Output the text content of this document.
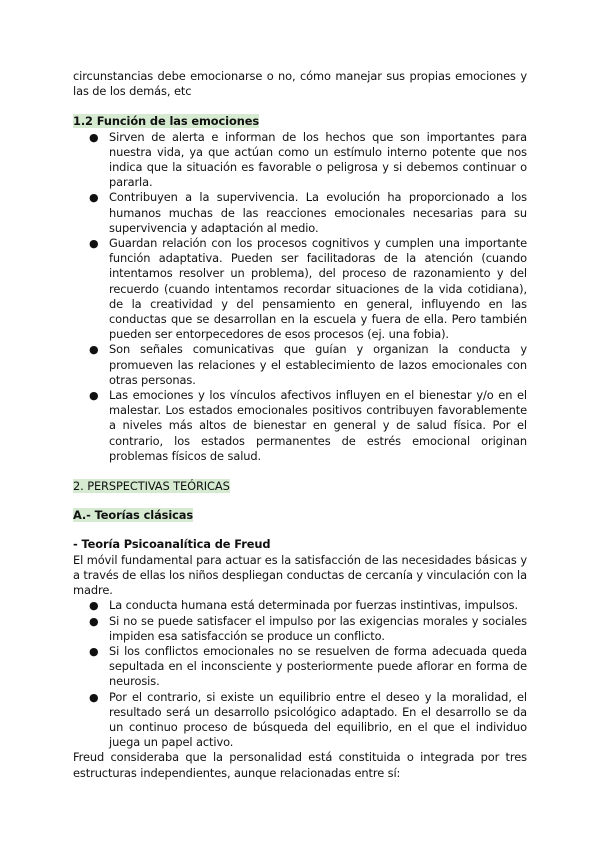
circunstancias debe emocionarse o no, cómo manejar sus propias emociones y las de los demás, etc

1.2 Función de las emociones

● Sirven de alerta e informan de los hechos que son importantes para nuestra vida, ya que actúan como un estímulo interno potente que nos indica que la situación es favorable o peligrosa y si debemos continuar o pararla.
● Contribuyen a la supervivencia. La evolución ha proporcionado a los humanos muchas de las reacciones emocionales necesarias para su supervivencia y adaptación al medio.
● Guardan relación con los procesos cognitivos y cumplen una importante función adaptativa. Pueden ser facilitadoras de la atención (cuando intentamos resolver un problema), del proceso de razonamiento y del recuerdo (cuando intentamos recordar situaciones de la vida cotidiana), de la creatividad y del pensamiento en general, influyendo en las conductas que se desarrollan en la escuela y fuera de ella. Pero también pueden ser entorpecedores de esos procesos (ej. una fobia).
● Son señales comunicativas que guían y organizan la conducta y promueven las relaciones y el establecimiento de lazos emocionales con otras personas.
● Las emociones y los vínculos afectivos influyen en el bienestar y/o en el malestar. Los estados emocionales positivos contribuyen favorablemente a niveles más altos de bienestar en general y de salud física. Por el contrario, los estados permanentes de estrés emocional originan problemas físicos de salud.

2. PERSPECTIVAS TEÓRICAS

A.- Teorías clásicas

- Teoría Psicoanalítica de Freud

El móvil fundamental para actuar es la satisfacción de las necesidades básicas y a través de ellas los niños despliegan conductas de cercanía y vinculación con la madre.

● La conducta humana está determinada por fuerzas instintivas, impulsos.
● Si no se puede satisfacer el impulso por las exigencias morales y sociales impiden esa satisfacción se produce un conflicto.
● Si los conflictos emocionales no se resuelven de forma adecuada queda sepultada en el inconsciente y posteriormente puede aflorar en forma de neurosis.
● Por el contrario, si existe un equilibrio entre el deseo y la moralidad, el resultado será un desarrollo psicológico adaptado. En el desarrollo se da un continuo proceso de búsqueda del equilibrio, en el que el individuo juega un papel activo.

Freud consideraba que la personalidad está constituida o integrada por tres estructuras independientes, aunque relacionadas entre sí:
